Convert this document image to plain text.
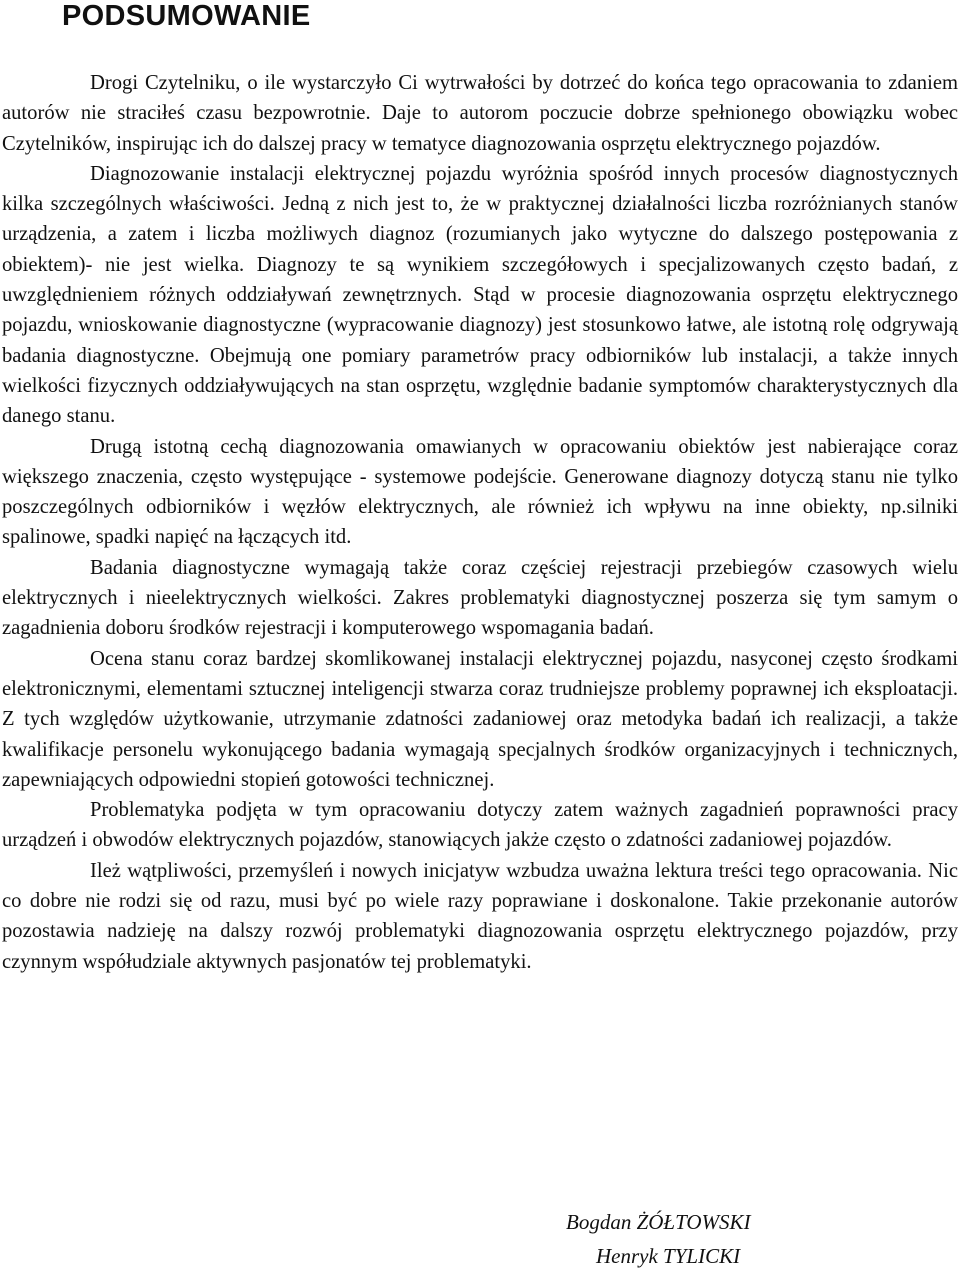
PODSUMOWANIE

Drogi Czytelniku, o ile wystarczyło Ci wytrwałości by dotrzeć do końca tego opracowania to zdaniem autorów nie straciłeś czasu bezpowrotnie. Daje to autorom poczucie dobrze spełnionego obowiązku wobec Czytelników, inspirując ich do dalszej pracy w tematyce diagnozowania osprzętu elektrycznego pojazdów.

Diagnozowanie instalacji elektrycznej pojazdu wyróżnia spośród innych procesów diagnostycznych kilka szczególnych właściwości. Jedną z nich jest to, że w praktycznej działalności liczba rozróżnianych stanów urządzenia, a zatem i liczba możliwych diagnoz (rozumianych jako wytyczne do dalszego postępowania z obiektem)- nie jest wielka. Diagnozy te są wynikiem szczegółowych i specjalizowanych często badań, z uwzględnieniem różnych oddziaływań zewnętrznych. Stąd w procesie diagnozowania osprzętu elektrycznego pojazdu, wnioskowanie diagnostyczne (wypracowanie diagnozy) jest stosunkowo łatwe, ale istotną rolę odgrywają badania diagnostyczne. Obejmują one pomiary parametrów pracy odbiorników lub instalacji, a także innych wielkości fizycznych oddziaływujących na stan osprzętu, względnie badanie symptomów charakterystycznych dla danego stanu.

Drugą istotną cechą diagnozowania omawianych w opracowaniu obiektów jest nabierające coraz większego znaczenia, często występujące - systemowe podejście. Generowane diagnozy dotyczą stanu nie tylko poszczególnych odbiorników i węzłów elektrycznych, ale również ich wpływu na inne obiekty, np.silniki spalinowe, spadki napięć na łączących itd.

Badania diagnostyczne wymagają także coraz częściej rejestracji przebiegów czasowych wielu elektrycznych i nieelektrycznych wielkości. Zakres problematyki diagnostycznej poszerza się tym samym o zagadnienia doboru środków rejestracji i komputerowego wspomagania badań.

Ocena stanu coraz bardzej skomlikowanej instalacji elektrycznej pojazdu, nasyconej często środkami elektronicznymi, elementami sztucznej inteligencji stwarza coraz trudniejsze problemy poprawnej ich eksploatacji. Z tych względów użytkowanie, utrzymanie zdatności zadaniowej oraz metodyka badań ich realizacji, a także kwalifikacje personelu wykonującego badania wymagają specjalnych środków organizacyjnych i technicznych, zapewniających odpowiedni stopień gotowości technicznej.

Problematyka podjęta w tym opracowaniu dotyczy zatem ważnych zagadnień poprawności pracy urządzeń i obwodów elektrycznych pojazdów, stanowiących jakże często o zdatności zadaniowej pojazdów.

Ileż wątpliwości, przemyśleń i nowych inicjatyw wzbudza uważna lektura treści tego opracowania. Nic co dobre nie rodzi się od razu, musi być po wiele razy poprawiane i doskonalone. Takie przekonanie autorów pozostawia nadzieję na dalszy rozwój problematyki diagnozowania osprzętu elektrycznego pojazdów, przy czynnym współudziale aktywnych pasjonatów tej problematyki.

Bogdan ŻÓŁTOWSKI
Henryk TYLICKI
